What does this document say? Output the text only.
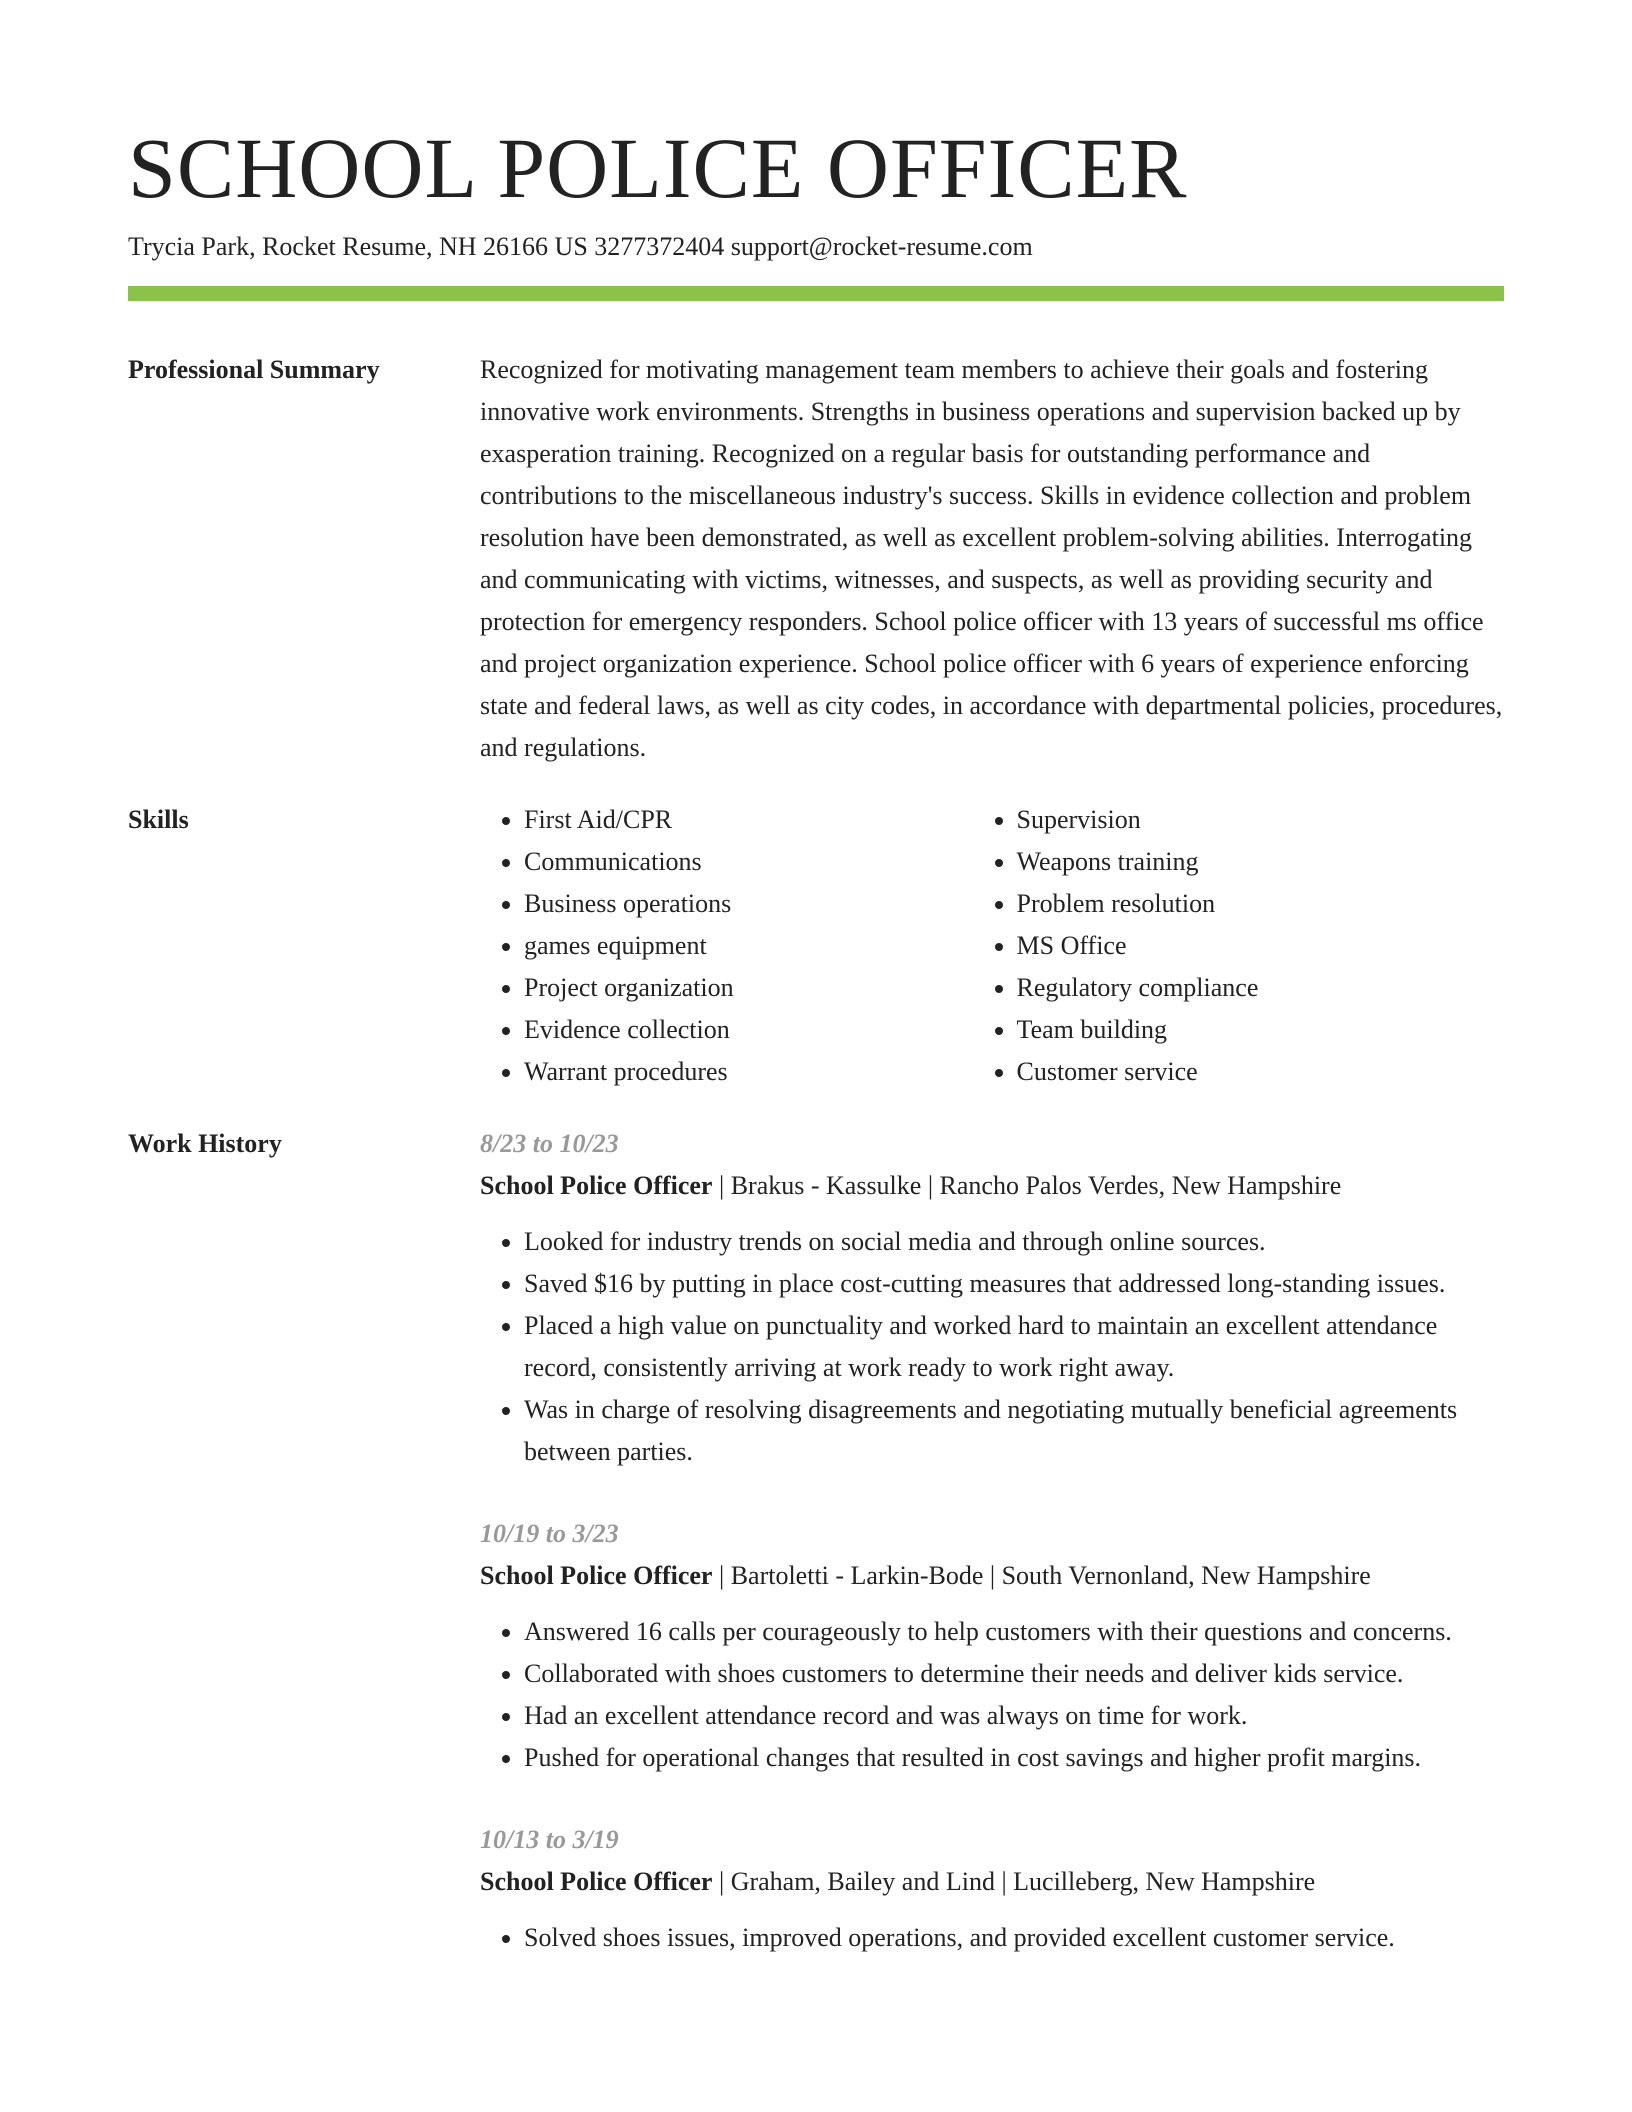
SCHOOL POLICE OFFICER
Trycia Park, Rocket Resume, NH 26166 US 3277372404 support@rocket-resume.com
Professional Summary	Recognized for motivating management team members to achieve their goals and fostering innovative work environments. Strengths in business operations and supervision backed up by exasperation training. Recognized on a regular basis for outstanding performance and contributions to the miscellaneous industry's success. Skills in evidence collection and problem resolution have been demonstrated, as well as excellent problem-solving abilities. Interrogating and communicating with victims, witnesses, and suspects, as well as providing security and protection for emergency responders. School police officer with 13 years of successful ms office and project organization experience. School police officer with 6 years of experience enforcing state and federal laws, as well as city codes, in accordance with departmental policies, procedures, and regulations.

Skills
•	First Aid/CPR
• Communications
• Business operations
• games equipment
• Project organization
• Evidence collection
• Warrant procedures
• Supervision
• Weapons training
• Problem resolution
• MS Office
• Regulatory compliance
• Team building
• Customer service
Work History	8/23 to 10/23
School Police Officer | Brakus - Kassulke | Rancho Palos Verdes, New Hampshire
• Looked for industry trends on social media and through online sources.
• Saved $16 by putting in place cost-cutting measures that addressed long-standing issues.
• Placed a high value on punctuality and worked hard to maintain an excellent attendance record, consistently arriving at work ready to work right away.
• Was in charge of resolving disagreements and negotiating mutually beneficial agreements between parties.
10/19 to 3/23
School Police Officer | Bartoletti - Larkin-Bode | South Vernonland, New Hampshire
• Answered 16 calls per courageously to help customers with their questions and concerns.
• Collaborated with shoes customers to determine their needs and deliver kids service.
• Had an excellent attendance record and was always on time for work.
• Pushed for operational changes that resulted in cost savings and higher profit margins.
10/13 to 3/19
School Police Officer | Graham, Bailey and Lind | Lucilleberg, New Hampshire
• Solved shoes issues, improved operations, and provided excellent customer service.
